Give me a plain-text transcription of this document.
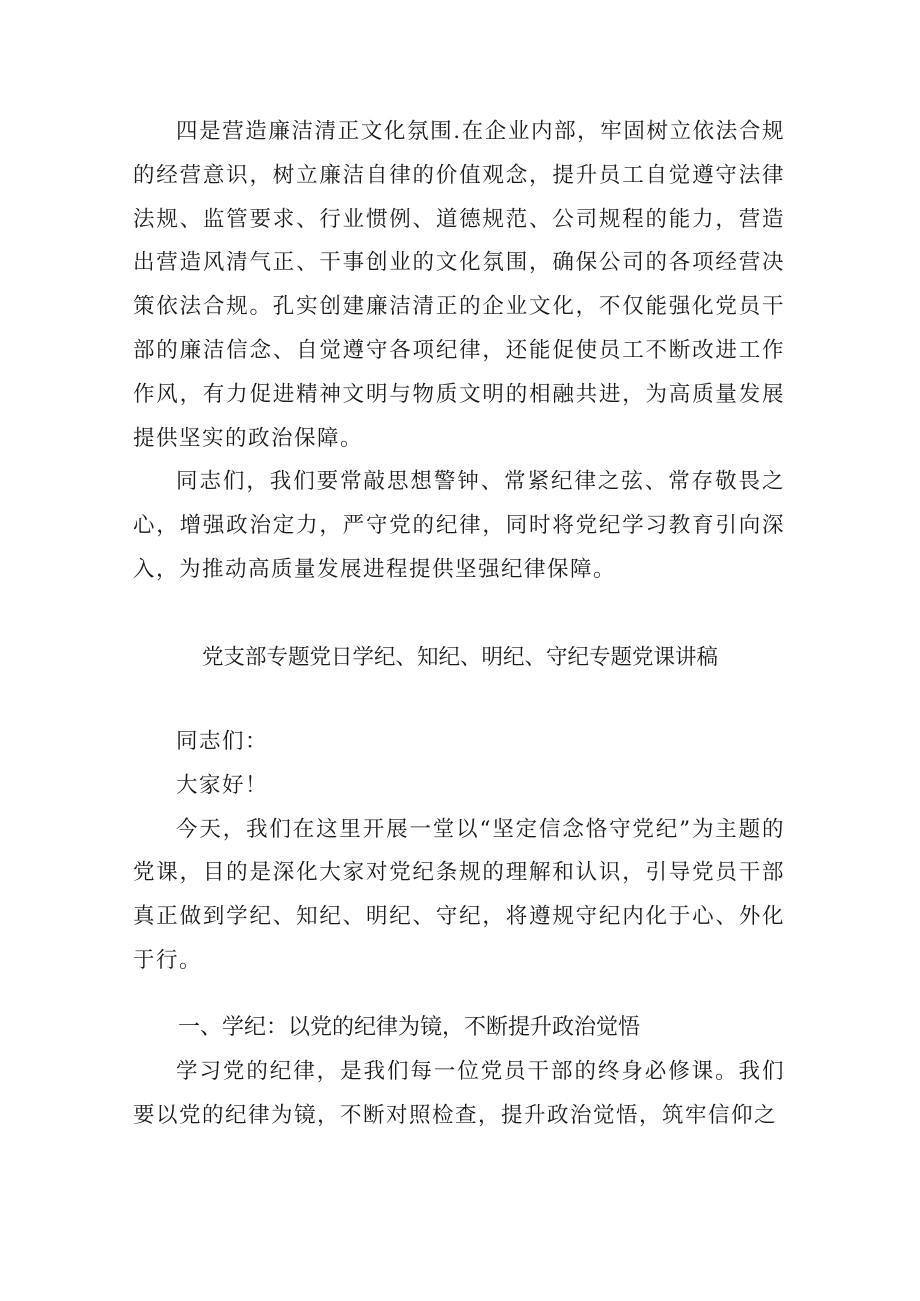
四是营造廉洁清正文化氛围.在企业内部，牢固树立依法合规的经营意识，树立廉洁自律的价值观念，提升员工自觉遵守法律法规、监管要求、行业惯例、道德规范、公司规程的能力，营造出营造风清气正、干事创业的文化氛围，确保公司的各项经营决策依法合规。孔实创建廉洁清正的企业文化，不仅能强化党员干部的廉洁信念、自觉遵守各项纪律，还能促使员工不断改进工作作风，有力促进精神文明与物质文明的相融共进，为高质量发展提供坚实的政治保障。

同志们，我们要常敲思想警钟、常紧纪律之弦、常存敬畏之心，增强政治定力，严守党的纪律，同时将党纪学习教育引向深入，为推动高质量发展进程提供坚强纪律保障。

党支部专题党日学纪、知纪、明纪、守纪专题党课讲稿

同志们：

大家好！

今天，我们在这里开展一堂以“坚定信念恪守党纪”为主题的党课，目的是深化大家对党纪条规的理解和认识，引导党员干部真正做到学纪、知纪、明纪、守纪，将遵规守纪内化于心、外化于行。

一、学纪：以党的纪律为镜，不断提升政治觉悟

学习党的纪律，是我们每一位党员干部的终身必修课。我们要以党的纪律为镜，不断对照检查，提升政治觉悟，筑牢信仰之
